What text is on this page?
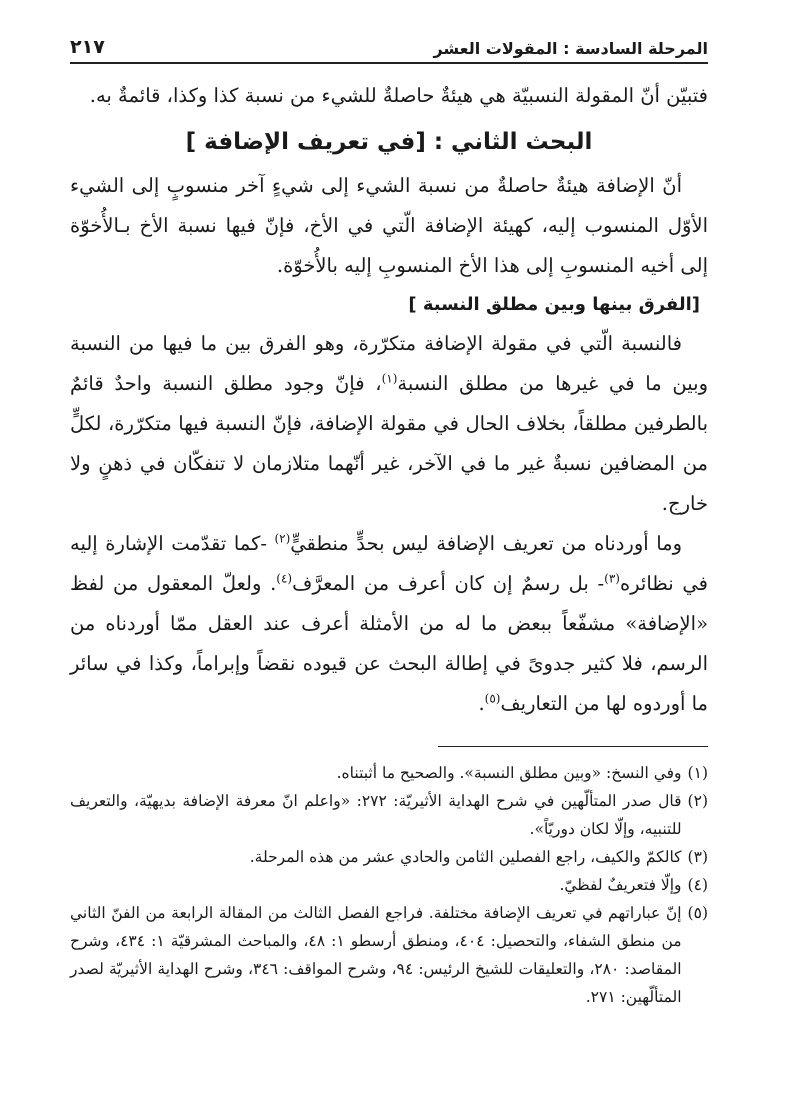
المرحلة السادسة : المقولات العشر
٢١٧

فتبيّن أنّ المقولة النسبيّة هي هيئةٌ حاصلةٌ للشيء من نسبة كذا وكذا، قائمةٌ به.

البحث الثاني : [في تعريف الإضافة ]

أنّ الإضافة هيئةٌ حاصلةٌ من نسبة الشيء إلى شيءٍ آخر منسوبٍ إلى الشيء الأوّل المنسوب إليه، كهيئة الإضافة الّتي في الأخ، فإنّ فيها نسبة الأخ بـالأُخوّة إلى أخيه المنسوبِ إلى هذا الأخ المنسوبِ إليه بالأُخوّة.

[الفرق بينها وبين مطلق النسبة ]

فالنسبة الّتي في مقولة الإضافة متكرّرة، وهو الفرق بين ما فيها من النسبة وبين ما في غيرها من مطلق النسبة$^{(١)}$، فإنّ وجود مطلق النسبة واحدٌ قائمٌ بالطرفين مطلقاً، بخلاف الحال في مقولة الإضافة، فإنّ النسبة فيها متكرّرة، لكلٍّ من المضافين نسبةٌ غير ما في الآخر، غير أنّهما متلازمان لا تنفكّان في ذهنٍ ولا خارج.

وما أوردناه من تعريف الإضافة ليس بحدٍّ منطقيٍّ$^{(٢)}$ -كما تقدّمت الإشارة إليه في نظائره$^{(٣)}$- بل رسمٌ إن كان أعرف من المعرَّف$^{(٤)}$. ولعلّ المعقول من لفظ «الإضافة» مشفّعاً ببعض ما له من الأمثلة أعرف عند العقل ممّا أوردناه من الرسم، فلا كثير جدوىً في إطالة البحث عن قيوده نقضاً وإبراماً، وكذا في سائر ما أوردوه لها من التعاريف$^{(٥)}$.

(١)
وفي النسخ: «وبين مطلق النسبة». والصحيح ما أثبتناه.
(٢)
قال صدر المتألّهين في شرح الهداية الأثيريّة: ٢٧٢: «واعلم انّ معرفة الإضافة بديهيّة، والتعريف للتنبيه، وإلّا لكان دوريّاً».
(٣)
كالكمّ والكيف، راجع الفصلين الثامن والحادي عشر من هذه المرحلة.
(٤)
وإلّا فتعريفٌ لفظيّ.
(٥)
إنّ عباراتهم في تعريف الإضافة مختلفة. فراجع الفصل الثالث من المقالة الرابعة من الفنّ الثاني من منطق الشفاء، والتحصيل: ٤٠٤، ومنطق أرسطو ١: ٤٨، والمباحث المشرقيّة ١: ٤٣٤، وشرح المقاصد: ٢٨٠، والتعليقات للشيخ الرئيس: ٩٤، وشرح المواقف: ٣٤٦، وشرح الهداية الأثيريّة لصدر المتألّهين: ٢٧١.
